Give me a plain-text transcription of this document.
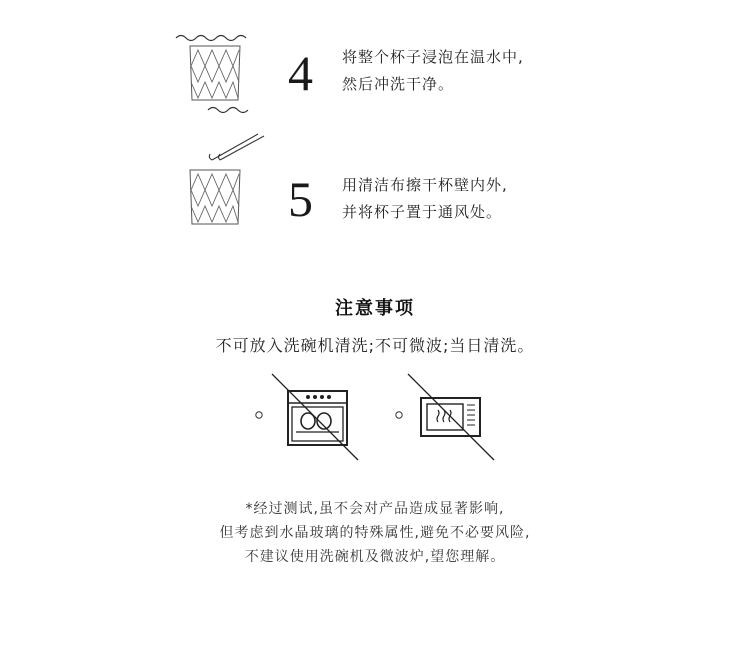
4 将整个杯子浸泡在温水中,
然后冲洗干净。
5 用清洁布擦干杯壁内外,
并将杯子置于通风处。
注意事项
不可放入洗碗机清洗;不可微波;当日清洗。
*经过测试,虽不会对产品造成显著影响,
但考虑到水晶玻璃的特殊属性,避免不必要风险,
不建议使用洗碗机及微波炉,望您理解。
